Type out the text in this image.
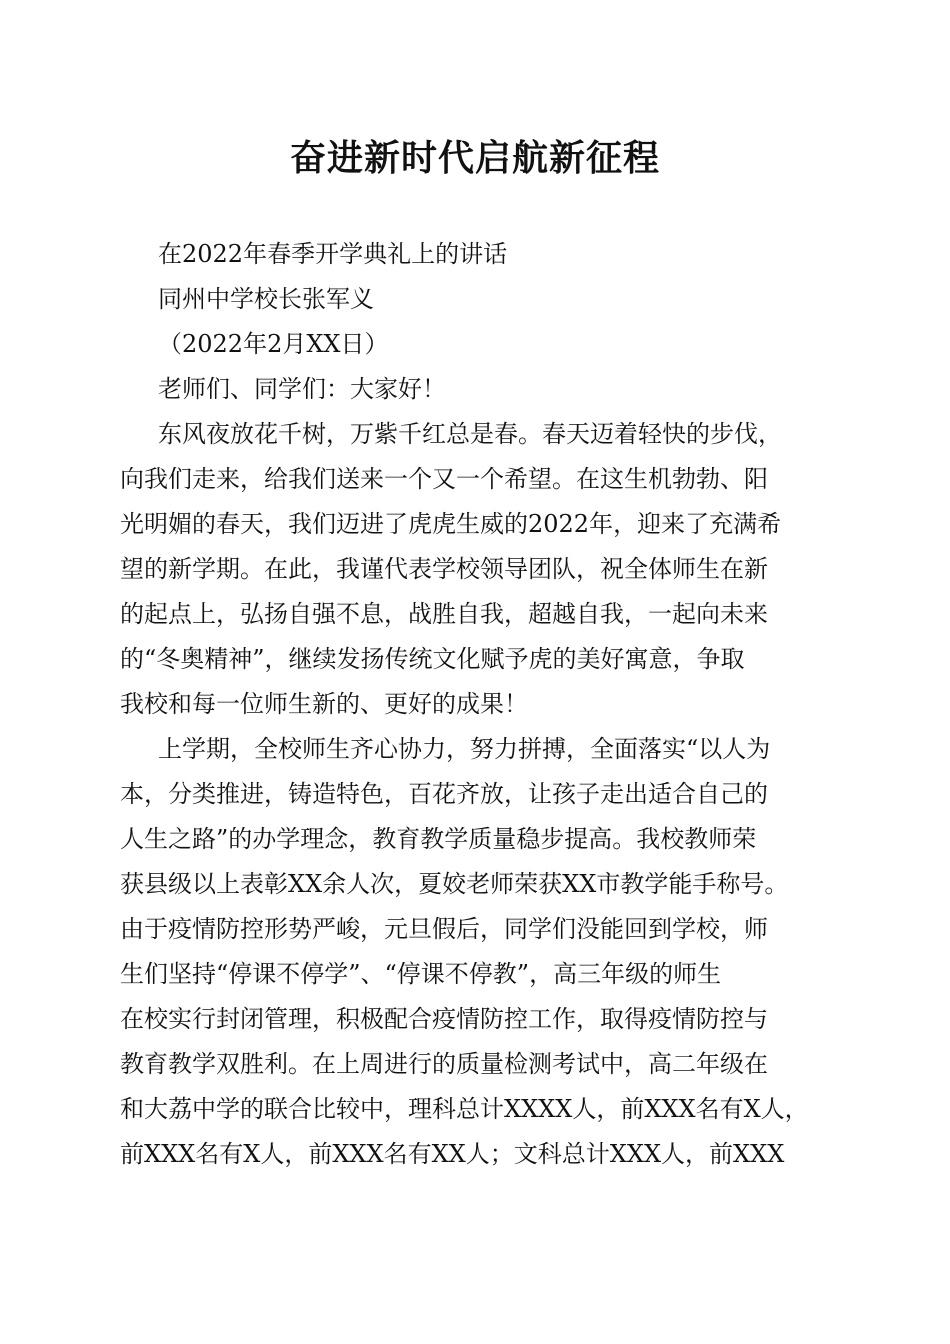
奋进新时代启航新征程

在2022年春季开学典礼上的讲话

同州中学校长张军义

（2022年2月XX日）

老师们、同学们：大家好！

东风夜放花千树，万紫千红总是春。春天迈着轻快的步伐，

向我们走来，给我们送来一个又一个希望。在这生机勃勃、阳

光明媚的春天，我们迈进了虎虎生威的2022年，迎来了充满希

望的新学期。在此，我谨代表学校领导团队，祝全体师生在新

的起点上，弘扬自强不息，战胜自我，超越自我，一起向未来

的“冬奥精神”，继续发扬传统文化赋予虎的美好寓意，争取

我校和每一位师生新的、更好的成果！

上学期，全校师生齐心协力，努力拼搏，全面落实“以人为

本，分类推进，铸造特色，百花齐放，让孩子走出适合自己的

人生之路”的办学理念，教育教学质量稳步提高。我校教师荣

获县级以上表彰XX余人次，夏姣老师荣获XX市教学能手称号。

由于疫情防控形势严峻，元旦假后，同学们没能回到学校，师

生们坚持“停课不停学”、“停课不停教”，高三年级的师生

在校实行封闭管理，积极配合疫情防控工作，取得疫情防控与

教育教学双胜利。在上周进行的质量检测考试中，高二年级在

和大荔中学的联合比较中，理科总计XXXX人，前XXX名有X人，

前XXX名有X人，前XXX名有XX人；文科总计XXX人，前XXX
